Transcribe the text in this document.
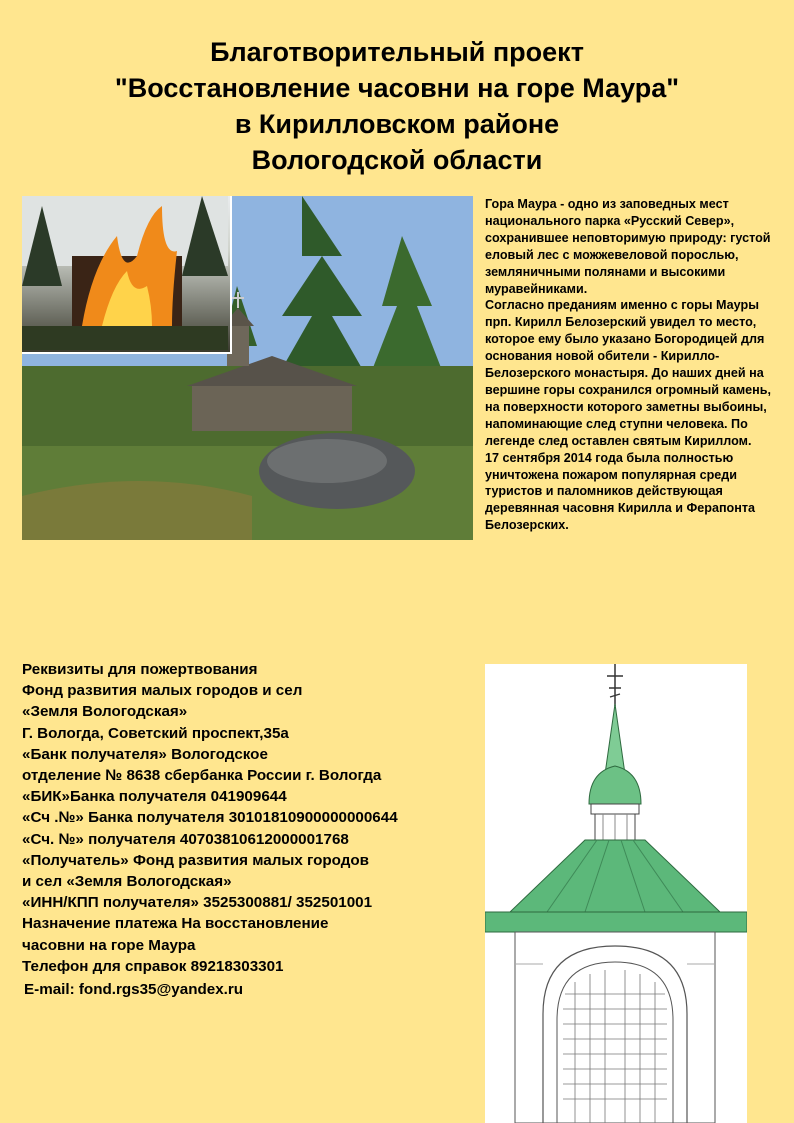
Благотворительный проект
"Восстановление часовни на горе Маура"
в Кирилловском районе
Вологодской области

Гора Маура - одно из заповедных мест национального парка «Русский Север», сохранившее неповторимую природу: густой еловый лес с можжевеловой порослью, земляничными полянами и высокими муравейниками.

Согласно преданиям именно с горы Мауры прп. Кирилл Белозерский увидел то место, которое ему было указано Богородицей для основания новой обители - Кирилло-Белозерского монастыря. До наших дней на вершине горы сохранился огромный камень, на поверхности которого заметны выбоины, напоминающие след ступни человека. По легенде след оставлен святым Кириллом.

17 сентября 2014 года была полностью уничтожена пожаром популярная среди туристов и паломников действующая деревянная часовня Кирилла и Ферапонта Белозерских.

Реквизиты для пожертвования
Фонд развития малых городов и сел
«Земля Вологодская»
Г. Вологда, Советский проспект,35а
«Банк получателя» Вологодское
отделение № 8638 сбербанка России г. Вологда
«БИК»Банка получателя 041909644
«Сч .№» Банка получателя 30101810900000000644
«Сч. №» получателя 40703810612000001768
«Получатель» Фонд развития малых городов
и сел «Земля Вологодская»
«ИНН/КПП получателя» 3525300881/ 352501001
Назначение платежа На восстановление
часовни на горе Маура
Телефон для справок 89218303301
E-mail: fond.rgs35@yandex.ru
